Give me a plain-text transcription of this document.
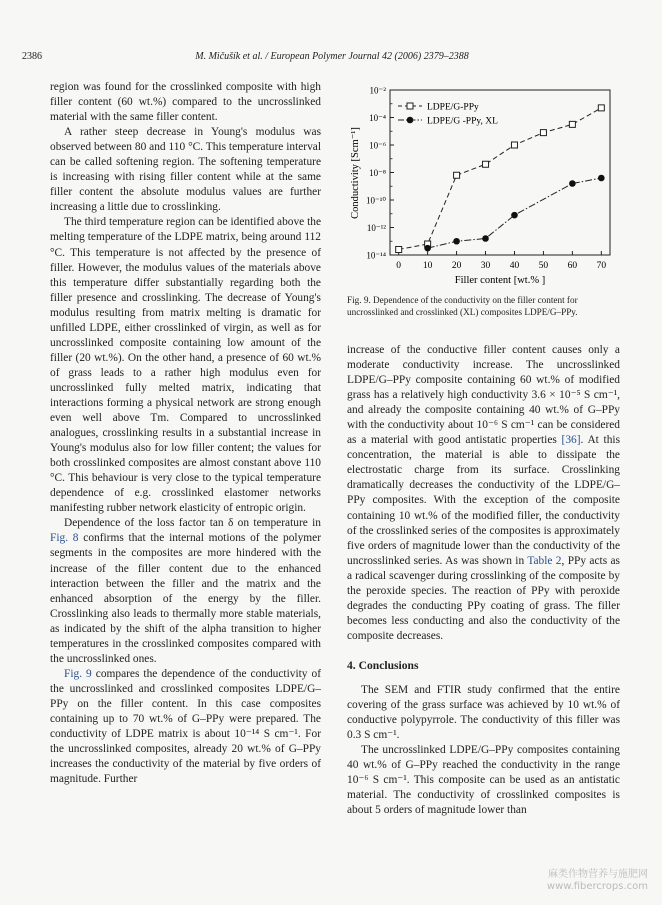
2386	M. Mičušík et al. / European Polymer Journal 42 (2006) 2379–2388

region was found for the crosslinked composite with high filler content (60 wt.%) compared to the uncrosslinked material with the same filler content.

A rather steep decrease in Young's modulus was observed between 80 and 110 °C. This temperature interval can be called softening region. The softening temperature is increasing with rising filler content while at the same filler content the absolute modulus values are further increasing a little due to crosslinking.

The third temperature region can be identified above the melting temperature of the LDPE matrix, being around 112 °C. This temperature is not affected by the presence of filler. However, the modulus values of the materials above this temperature differ substantially regarding both the filler presence and crosslinking. The decrease of Young's modulus resulting from matrix melting is dramatic for unfilled LDPE, either crosslinked of virgin, as well as for uncrosslinked composite containing low amount of the filler (20 wt.%). On the other hand, a presence of 60 wt.% of grass leads to a rather high modulus even for uncrosslinked fully melted matrix, indicating that interactions forming a physical network are strong enough even well above Tm. Compared to uncrosslinked analogues, crosslinking results in a substantial increase in Young's modulus also for low filler content; the values for both crosslinked composites are almost constant above 110 °C. This behaviour is very close to the typical temperature dependence of e.g. crosslinked elastomer networks manifesting rubber network elasticity of entropic origin.

Dependence of the loss factor tan δ on temperature in Fig. 8 confirms that the internal motions of the polymer segments in the composites are more hindered with the increase of the filler content due to the enhanced interaction between the filler and the matrix and the enhanced absorption of the energy by the filler. Crosslinking also leads to thermally more stable materials, as indicated by the shift of the alpha transition to higher temperatures in the crosslinked composites compared with the uncrosslinked ones.

Fig. 9 compares the dependence of the conductivity of the uncrosslinked and crosslinked composites LDPE/G–PPy on the filler content. In this case composites containing up to 70 wt.% of G–PPy were prepared. The conductivity of LDPE matrix is about 10⁻¹⁴ S cm⁻¹. For the uncrosslinked composites, already 20 wt.% of G–PPy increases the conductivity of the material by five orders of magnitude. Further

0 10 20 30 40 50 60 70
10⁻²
10⁻⁴
10⁻⁶
10⁻⁸
10⁻¹⁰
10⁻¹²
10⁻¹⁴
LDPE/G-PPy
LDPE/G -PPy, XL
Filler content [wt.% ]
Conductivity [Scm⁻¹]
Fig. 9. Dependence of the conductivity on the filler content for uncrosslinked and crosslinked (XL) composites LDPE/G–PPy.

increase of the conductive filler content causes only a moderate conductivity increase. The uncrosslinked LDPE/G–PPy composite containing 60 wt.% of modified grass has a relatively high conductivity 3.6 × 10⁻⁵ S cm⁻¹, and already the composite containing 40 wt.% of G–PPy with the conductivity about 10⁻⁶ S cm⁻¹ can be considered as a material with good antistatic properties [36]. At this concentration, the material is able to dissipate the electrostatic charge from its surface. Crosslinking dramatically decreases the conductivity of the LDPE/G–PPy composites. With the exception of the composite containing 10 wt.% of the modified filler, the conductivity of the crosslinked series of the composites is approximately five orders of magnitude lower than the conductivity of the uncrosslinked series. As was shown in Table 2, PPy acts as a radical scavenger during crosslinking of the composite by the peroxide species. The reaction of PPy with peroxide degrades the conducting PPy coating of grass. The filler becomes less conducting and also the conductivity of the composite decreases.

4. Conclusions

The SEM and FTIR study confirmed that the entire covering of the grass surface was achieved by 10 wt.% of conductive polypyrrole. The conductivity of this filler was 0.3 S cm⁻¹.

The uncrosslinked LDPE/G–PPy composites containing 40 wt.% of G–PPy reached the conductivity in the range 10⁻⁶ S cm⁻¹. This composite can be used as an antistatic material. The conductivity of crosslinked composites is about 5 orders of magnitude lower than

麻类作物营养与施肥网
www.fibercrops.com
